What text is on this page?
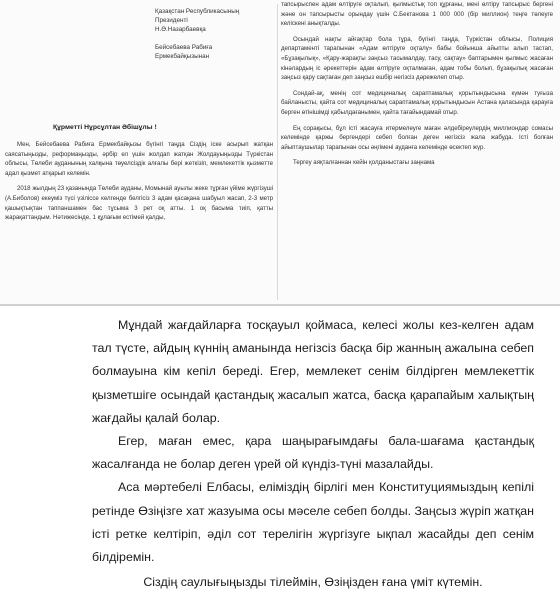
Қазақстан Республикасының
Президенті
Н.Ә.Назарбаевқа
Бейсебаева Рабиға
Ермекбайқызынан
Құрметті Нұрсұлтан Әбішұлы !

Мен, Бейсебаева Рабиға Ермекбайқызы бүгінгі таңда Сіздің іске асырып жатқан саясатыңызды, реформаңызды, әрбір ел үшін жолдап жатқан Жолдауыңызды Түркістан облысы, Төлеби ауданының халқына төуелсіздік алғалы бері жеткізіп, мемлекеттік қызметте адал қызмет атқарып келемін.

2018 жылдың 23 қазанында Төлеби ауданы, Момынай ауылы жеке тұрған үйіме жүргізуші (А.Биболов) екеуміз түсі үзіліссе келгенде белгісіз 3 адам қасақана шабуыл жасап, 2-3 метр қашықтықтан таппаншамен бас тұсыма 3 рет оқ атты. 1 оқ басыма тиіп, қатты жарақаттандым. Нәтижесінде, 1 құлағым естімей қалды,

тапсырыспен адам өлтіруге оқталып, қылмыстық топ құрғаны, мені өлтіру тапсырыс бергені және он тапсырысты орындау үшін С.Бектанова 1 000 000 (бір миллион) теңге төлеуге келіскені анықталды.

Осындай нақты айғақтар бола тұра, бүгінгі таңда, Түркістан облысы, Полиция департаменті тарапынан «Адам өлтіруге оқталу» бабы бойынша айыпты алып тастап, «Бұзақылық», «Қару-жарақты заңсыз тасымалдау, тасу, сақтау» баптарымен қылмыс жасаған кінәлардың іс әрекеттерін адам өлтіруге оқталмаған, адам тобы болып, бұзақылық жасаған заңсыз қару сақтаған деп заңсыз ешбір негізсіз дәрежелеп отыр.

Сондай-ақ, менің сот медициналық сараптамалық қорытындысына күмән туғыза байланысты, қайта сот медициналық сараптамалық қорытындысын Астана қаласында қарауға берген өтінішімді қабылдағанымен, қайта тағайындамай отыр.

Ең сорақысы, бұл істі жасауға итермелеуге маған әлдебіреулердің миллиондар сомасы келемінде қаржы бергендері себеп болған деген негізсіз жала жабуда. Істі болған айыптаушылар тарапынан осы әңгімені ауданға келемінде өсектеп жүр.

Тергеу аяқталғаннан кейін қолданыстағы заңнама

Мұндай жағдайларға тосқауыл қоймаса, келесі жолы кез-келген адам тал түсте, айдың күннің аманында негізсіз басқа бір жанның ажалына себеп болмауына кім кепіл береді. Егер, мемлекет сенім білдірген мемлекеттік қызметшіге осындай қастандық жасалып жатса, басқа қарапайым халықтың жағдайы қалай болар.

Егер, маған емес, қара шаңырағымдағы бала-шағама қастандық жасалғанда не болар деген үрей ой күндіз-түні мазалайды.

Аса мәртебелі Елбасы, еліміздің бірлігі мен Конституциямыздың кепілі ретінде Өзіңізге хат жазуыма осы мәселе себеп болды. Заңсыз жүріп жатқан істі ретке келтіріп, әділ сот терелігін жүргізуге ықпал жасайды деп сенім білдіремін.

Сіздің саулығыңызды тілеймін, Өзіңізден ғана үміт күтемін.
